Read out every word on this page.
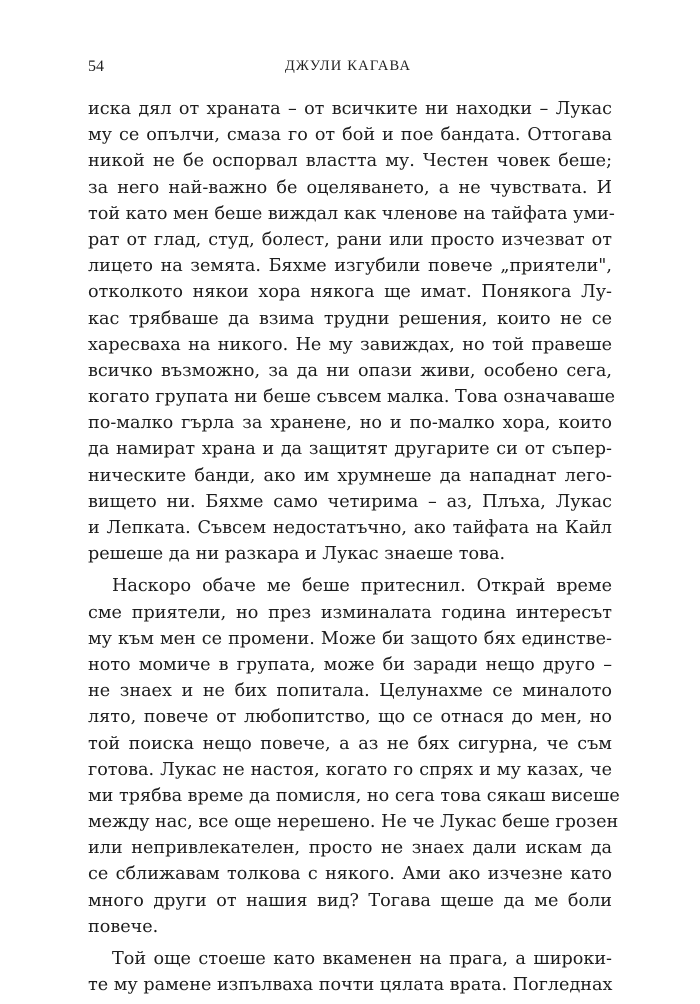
54	ДЖУЛИ КАГАВА
иска дял от храната – от всичките ни находки – Лукас
му се опълчи, смаза го от бой и пое бандата. Оттогава
никой не бе оспорвал властта му. Честен човек беше;
за него най-важно бе оцеляването, а не чувствата. И
той като мен беше виждал как членове на тайфата уми-
рат от глад, студ, болест, рани или просто изчезват от
лицето на земята. Бяхме изгубили повече „приятели",
отколкото някои хора някога ще имат. Понякога Лу-
кас трябваше да взима трудни решения, които не се
харесваха на никого. Не му завиждах, но той правеше
всичко възможно, за да ни опази живи, особено сега,
когато групата ни беше съвсем малка. Това означаваше
по-малко гърла за хранене, но и по-малко хора, които
да намират храна и да защитят другарите си от съпер-
ническите банди, ако им хрумнеше да нападнат лего-
вището ни. Бяхме само четирима – аз, Плъха, Лукас
и Лепката. Съвсем недостатъчно, ако тайфата на Кайл
решеше да ни разкара и Лукас знаеше това.
Наскоро обаче ме беше притеснил. Открай време
сме приятели, но през изминалата година интересът
му към мен се промени. Може би защото бях единстве-
ното момиче в групата, може би заради нещо друго –
не знаех и не бих попитала. Целунахме се миналото
лято, повече от любопитство, що се отнася до мен, но
той поиска нещо повече, а аз не бях сигурна, че съм
готова. Лукас не настоя, когато го спрях и му казах, че
ми трябва време да помисля, но сега това сякаш висеше
между нас, все още нерешено. Не че Лукас беше грозен
или непривлекателен, просто не знаех дали искам да
се сближавам толкова с някого. Ами ако изчезне като
много други от нашия вид? Тогава щеше да ме боли
повече.
Той още стоеше като вкаменен на прага, а широки-
те му рамене изпълваха почти цялата врата. Погледнах
